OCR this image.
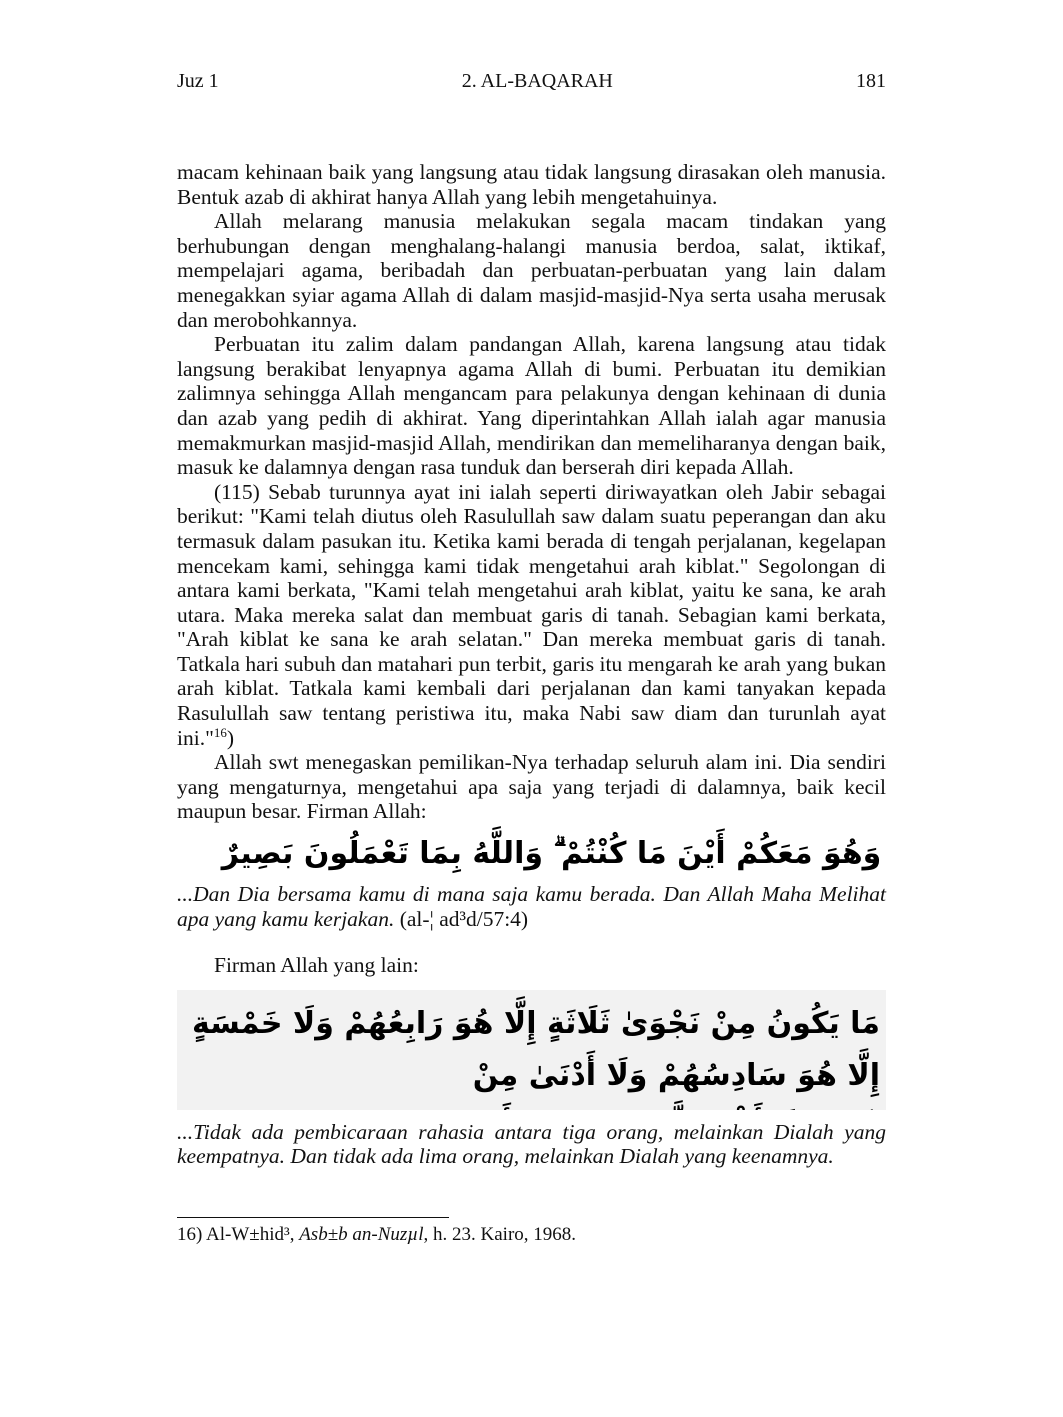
Juz 1	2. AL-BAQARAH	181

macam kehinaan baik yang langsung atau tidak langsung dirasakan oleh manusia. Bentuk azab di akhirat hanya Allah yang lebih mengetahuinya.

Allah melarang manusia melakukan segala macam tindakan yang berhubungan dengan menghalang-halangi manusia berdoa, salat, iktikaf, mempelajari agama, beribadah dan perbuatan-perbuatan yang lain dalam menegakkan syiar agama Allah di dalam masjid-masjid-Nya serta usaha merusak dan merobohkannya.

Perbuatan itu zalim dalam pandangan Allah, karena langsung atau tidak langsung berakibat lenyapnya agama Allah di bumi. Perbuatan itu demikian zalimnya sehingga Allah mengancam para pelakunya dengan kehinaan di dunia dan azab yang pedih di akhirat. Yang diperintahkan Allah ialah agar manusia memakmurkan masjid-masjid Allah, mendirikan dan memeliharanya dengan baik, masuk ke dalamnya dengan rasa tunduk dan berserah diri kepada Allah.

(115) Sebab turunnya ayat ini ialah seperti diriwayatkan oleh Jabir sebagai berikut: "Kami telah diutus oleh Rasulullah saw dalam suatu peperangan dan aku termasuk dalam pasukan itu. Ketika kami berada di tengah perjalanan, kegelapan mencekam kami, sehingga kami tidak mengetahui arah kiblat." Segolongan di antara kami berkata, "Kami telah mengetahui arah kiblat, yaitu ke sana, ke arah utara. Maka mereka salat dan membuat garis di tanah. Sebagian kami berkata, "Arah kiblat ke sana ke arah selatan." Dan mereka membuat garis di tanah. Tatkala hari subuh dan matahari pun terbit, garis itu mengarah ke arah yang bukan arah kiblat. Tatkala kami kembali dari perjalanan dan kami tanyakan kepada Rasulullah saw tentang peristiwa itu, maka Nabi saw diam dan turunlah ayat ini."$^{16}$)

Allah swt menegaskan pemilikan-Nya terhadap seluruh alam ini. Dia sendiri yang mengaturnya, mengetahui apa saja yang terjadi di dalamnya, baik kecil maupun besar. Firman Allah:

وَهُوَ مَعَكُمْ أَيْنَ مَا كُنْتُمْ ۗ وَاللَّهُ بِمَا تَعْمَلُونَ بَصِيرٌ

...Dan Dia bersama kamu di mana saja kamu berada. Dan Allah Maha Melihat apa yang kamu kerjakan. (al-¦ ad³d/57:4)

Firman Allah yang lain:

مَا يَكُونُ مِنْ نَجْوَىٰ ثَلَاثَةٍ إِلَّا هُوَ رَابِعُهُمْ وَلَا خَمْسَةٍ إِلَّا هُوَ سَادِسُهُمْ وَلَا أَدْنَىٰ مِنْ

...Tidak ada pembicaraan rahasia antara tiga orang, melainkan Dialah yang keempatnya. Dan tidak ada lima orang, melainkan Dialah yang keenamnya.

16) Al-W±hid³, Asb±b an-Nuzµl, h. 23. Kairo, 1968.
